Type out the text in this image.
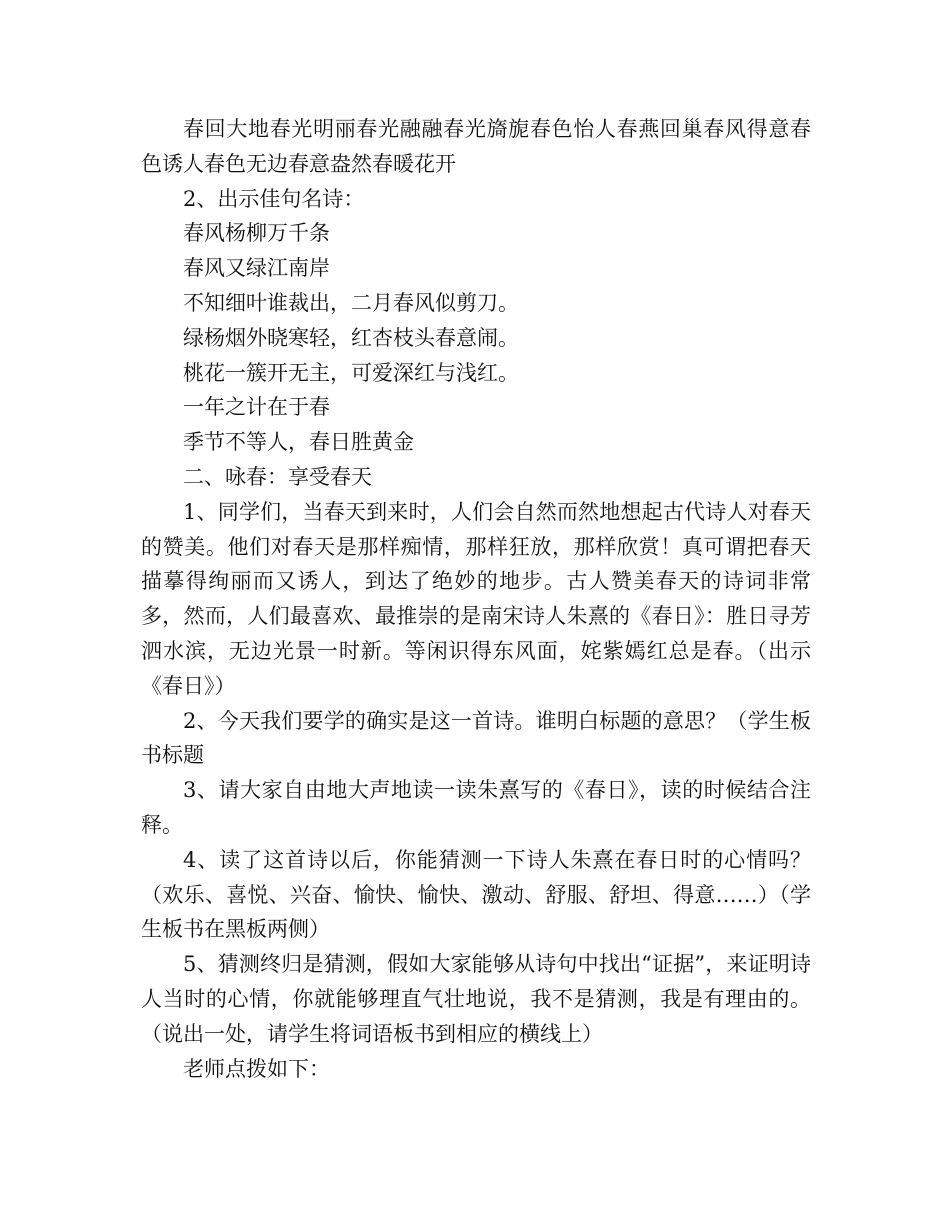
春回大地春光明丽春光融融春光旖旎春色怡人春燕回巢春风得意春色诱人春色无边春意盎然春暖花开

2、出示佳句名诗：

春风杨柳万千条

春风又绿江南岸

不知细叶谁裁出，二月春风似剪刀。

绿杨烟外晓寒轻，红杏枝头春意闹。

桃花一簇开无主，可爱深红与浅红。

一年之计在于春

季节不等人，春日胜黄金

二、咏春：享受春天

1、同学们，当春天到来时，人们会自然而然地想起古代诗人对春天的赞美。他们对春天是那样痴情，那样狂放，那样欣赏！真可谓把春天描摹得绚丽而又诱人，到达了绝妙的地步。古人赞美春天的诗词非常多，然而，人们最喜欢、最推崇的是南宋诗人朱熹的《春日》：胜日寻芳泗水滨，无边光景一时新。等闲识得东风面，姹紫嫣红总是春。（出示《春日》）

2、今天我们要学的确实是这一首诗。谁明白标题的意思？（学生板书标题

3、请大家自由地大声地读一读朱熹写的《春日》，读的时候结合注释。

4、读了这首诗以后，你能猜测一下诗人朱熹在春日时的心情吗？（欢乐、喜悦、兴奋、愉快、愉快、激动、舒服、舒坦、得意……）（学生板书在黑板两侧）

5、猜测终归是猜测，假如大家能够从诗句中找出“证据”，来证明诗人当时的心情，你就能够理直气壮地说，我不是猜测，我是有理由的。（说出一处，请学生将词语板书到相应的横线上）

老师点拨如下：
